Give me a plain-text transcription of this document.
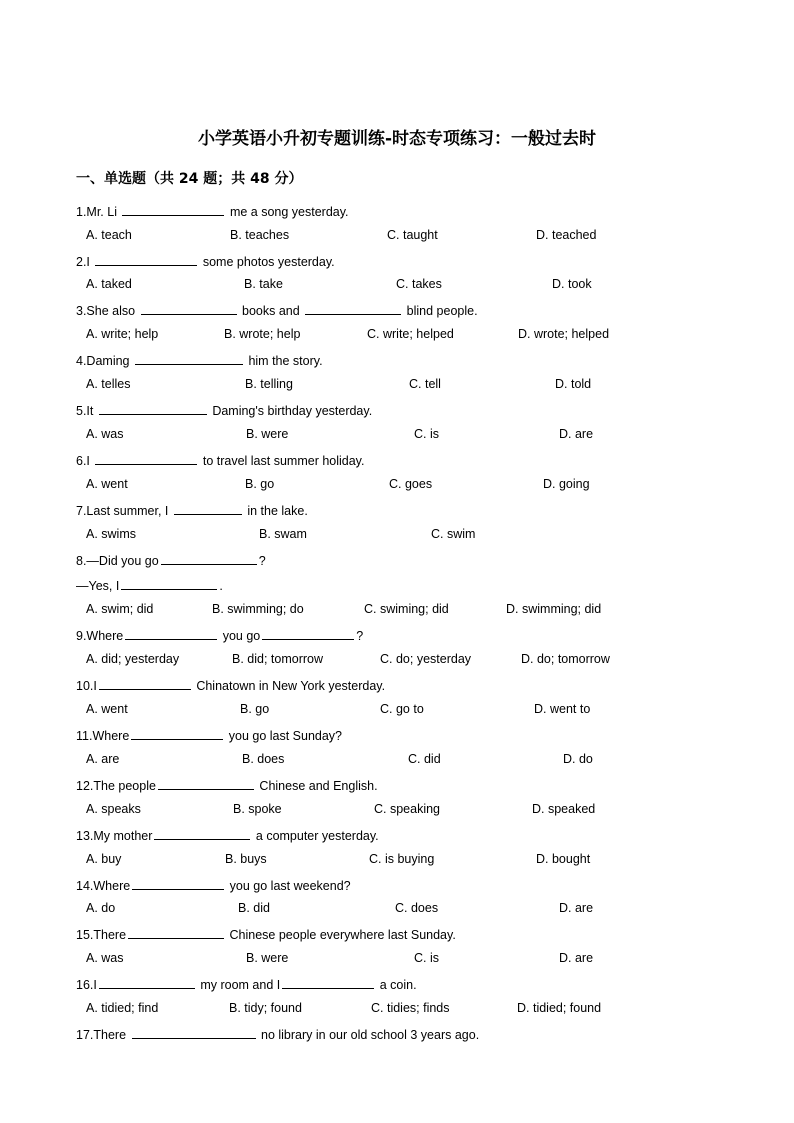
小学英语小升初专题训练-时态专项练习：一般过去时
一、单选题（共 24 题；共 48 分）
1.Mr. Li	me a song yesterday.
A. teach	B. teaches	C. taught	D. teached
2.I	some photos yesterday.
A. taked	B. take	C. takes	D. took
3.She also	books and	blind people.
A. write; help	B. wrote; help	C. write; helped	D. wrote; helped
4.Daming	him the story.
A. telles	B. telling	C. tell	D. told
5.It	Daming's birthday yesterday.
A. was	B. were	C. is	D. are
6.I	to travel last summer holiday.
A. went	B. go	C. goes	D. going
7.Last summer, I	in the lake.
A. swims	B. swam	C. swim
8.—Did you go	?
—Yes, I	.
A. swim; did	B. swimming; do	C. swiming; did	D. swimming; did
9.Where	you go	?
A. did; yesterday	B. did; tomorrow	C. do; yesterday	D. do; tomorrow
10.I	Chinatown in New York yesterday.
A. went	B. go	C. go to	D. went to
11.Where	you go last Sunday?
A. are	B. does	C. did	D. do
12.The people	Chinese and English.
A. speaks	B. spoke	C. speaking	D. speaked
13.My mother	a computer yesterday.
A. buy	B. buys	C. is buying	D. bought
14.Where	you go last weekend?
A. do	B. did	C. does	D. are
15.There	Chinese people everywhere last Sunday.
A. was	B. were	C. is	D. are
16.I	my room and I	a coin.
A. tidied; find	B. tidy; found	C. tidies; finds	D. tidied; found
17.There	no library in our old school 3 years ago.
